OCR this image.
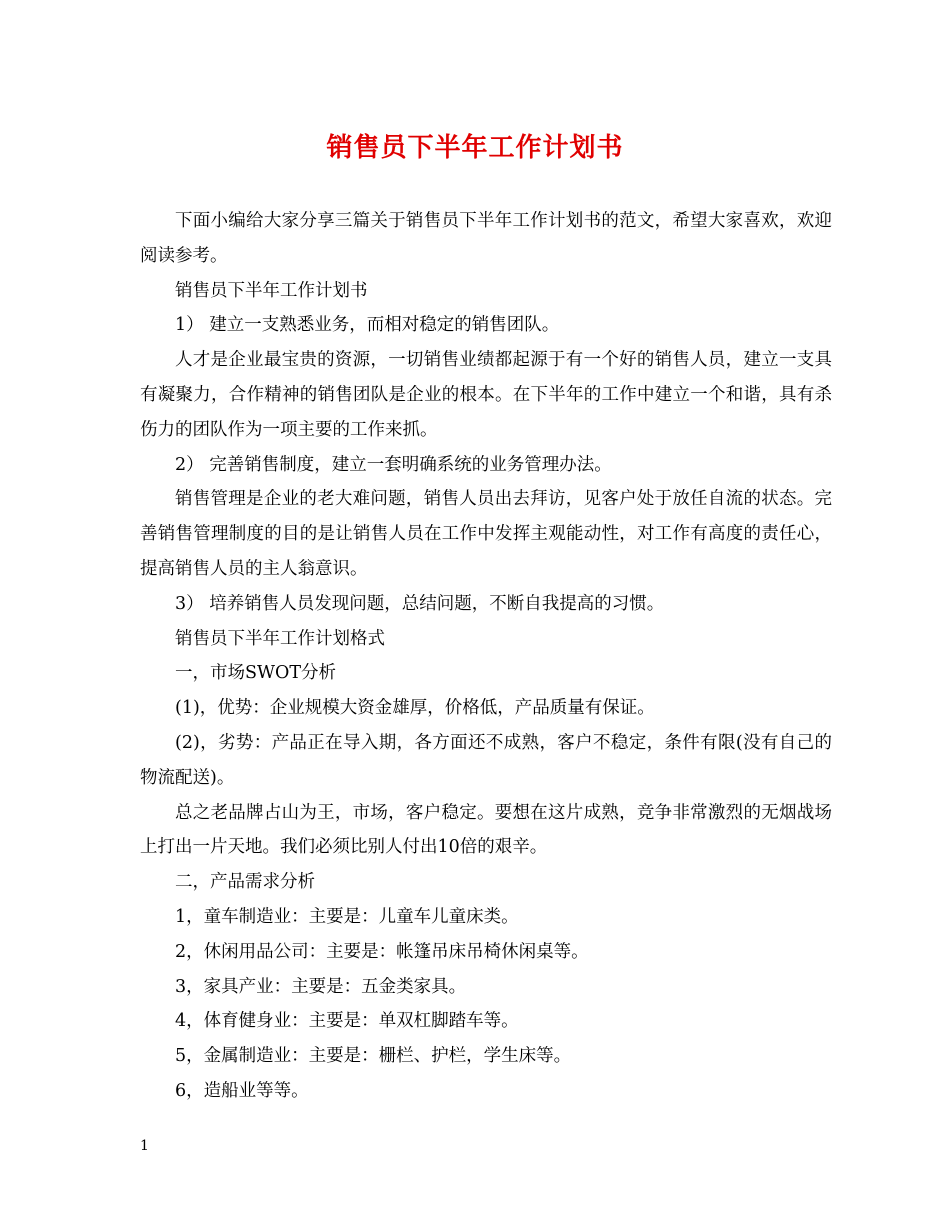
销售员下半年工作计划书

下面小编给大家分享三篇关于销售员下半年工作计划书的范文，希望大家喜欢，欢迎阅读参考。

销售员下半年工作计划书

1） 建立一支熟悉业务，而相对稳定的销售团队。

人才是企业最宝贵的资源，一切销售业绩都起源于有一个好的销售人员，建立一支具有凝聚力，合作精神的销售团队是企业的根本。在下半年的工作中建立一个和谐，具有杀伤力的团队作为一项主要的工作来抓。

2） 完善销售制度，建立一套明确系统的业务管理办法。

销售管理是企业的老大难问题，销售人员出去拜访，见客户处于放任自流的状态。完善销售管理制度的目的是让销售人员在工作中发挥主观能动性，对工作有高度的责任心，提高销售人员的主人翁意识。

3） 培养销售人员发现问题，总结问题，不断自我提高的习惯。

销售员下半年工作计划格式

一，市场SWOT分析

(1)，优势：企业规模大资金雄厚，价格低，产品质量有保证。

(2)，劣势：产品正在导入期，各方面还不成熟，客户不稳定，条件有限(没有自己的物流配送)。

总之老品牌占山为王，市场，客户稳定。要想在这片成熟，竞争非常激烈的无烟战场上打出一片天地。我们必须比别人付出10倍的艰辛。

二，产品需求分析

1，童车制造业：主要是：儿童车儿童床类。

2，休闲用品公司：主要是：帐篷吊床吊椅休闲桌等。

3，家具产业：主要是：五金类家具。

4，体育健身业：主要是：单双杠脚踏车等。

5，金属制造业：主要是：栅栏、护栏，学生床等。

6，造船业等等。

1
